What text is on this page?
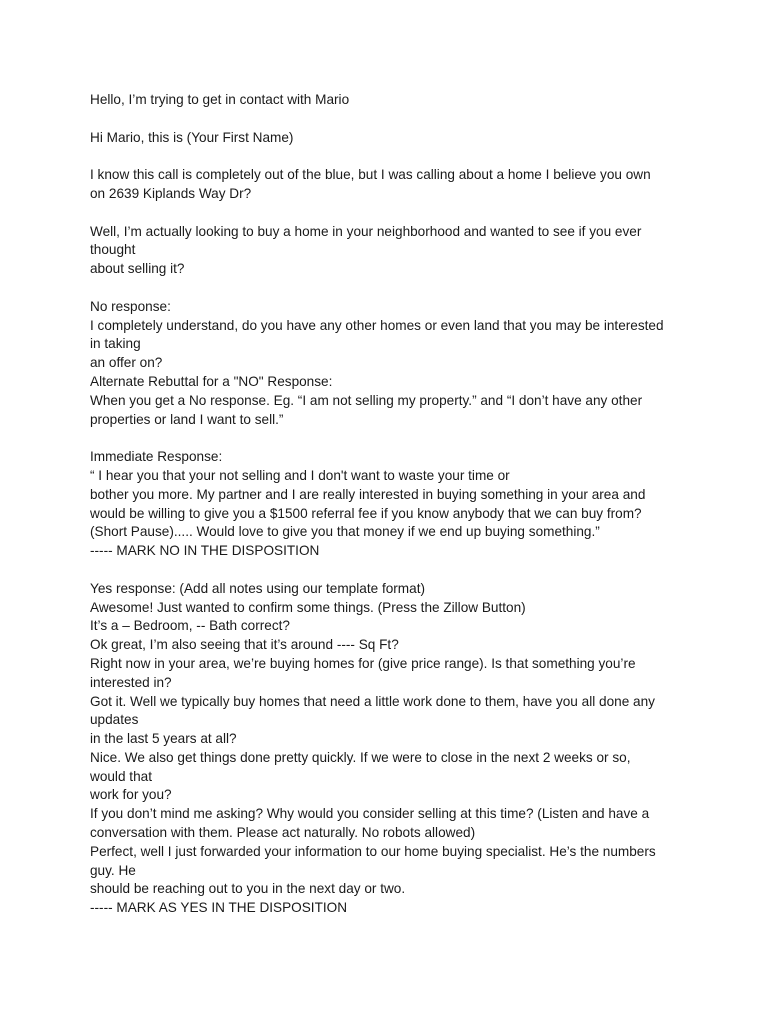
Hello, I’m trying to get in contact with Mario
Hi Mario, this is (Your First Name)
I know this call is completely out of the blue, but I was calling about a home I believe you own
on 2639 Kiplands Way Dr?
Well, I’m actually looking to buy a home in your neighborhood and wanted to see if you ever
thought
about selling it?
No response:
I completely understand, do you have any other homes or even land that you may be interested
in taking
an offer on?
Alternate Rebuttal for a "NO" Response:
When you get a No response. Eg. “I am not selling my property.” and “I don’t have any other
properties or land I want to sell.”
Immediate Response:
“ I hear you that your not selling and I don't want to waste your time or
bother you more. My partner and I are really interested in buying something in your area and
would be willing to give you a $1500 referral fee if you know anybody that we can buy from?
(Short Pause)..... Would love to give you that money if we end up buying something.”
----- MARK NO IN THE DISPOSITION
Yes response: (Add all notes using our template format)
Awesome! Just wanted to confirm some things. (Press the Zillow Button)
It’s a – Bedroom, -- Bath correct?
Ok great, I’m also seeing that it’s around ---- Sq Ft?
Right now in your area, we’re buying homes for (give price range). Is that something you’re
interested in?
Got it. Well we typically buy homes that need a little work done to them, have you all done any
updates
in the last 5 years at all?
Nice. We also get things done pretty quickly. If we were to close in the next 2 weeks or so,
would that
work for you?
If you don’t mind me asking? Why would you consider selling at this time? (Listen and have a
conversation with them. Please act naturally. No robots allowed)
Perfect, well I just forwarded your information to our home buying specialist. He’s the numbers
guy. He
should be reaching out to you in the next day or two.
----- MARK AS YES IN THE DISPOSITION
